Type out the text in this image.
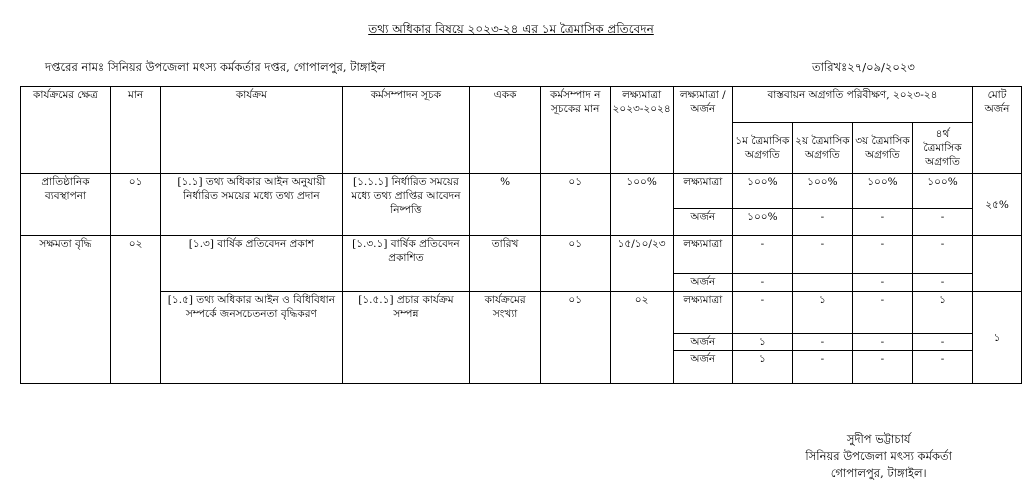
তথ্য অধিকার বিষয়ে ২০২৩-২৪ এর ১ম ত্রৈমাসিক প্রতিবেদন
দপ্তরের নামঃ সিনিয়র উপজেলা মৎস্য কর্মকর্তার দপ্তর, গোপালপুর, টাঙ্গাইল	তারিখঃ২৭/০৯/২০২৩
কার্যক্রমের ক্ষেত্র	মান	কার্যক্রম	কর্মসম্পাদন সূচক	একক	কর্মসম্পাদ ন সূচকের মান	লক্ষ্যমাত্রা ২০২৩-২০২৪	লক্ষ্যমাত্রা /অর্জন	বাস্তবায়ন অগ্রগতি পরিবীক্ষণ, ২০২৩-২৪				মোট অর্জন
								১ম ত্রৈমাসিক অগ্রগতি	২য় ত্রৈমাসিক অগ্রগতি	৩য় ত্রৈমাসিক অগ্রগতি	৪র্থ ত্রৈমাসিক অগ্রগতি	
প্রাতিষ্ঠানিক ব্যবস্থাপনা	০১	[১.১] তথ্য অধিকার আইন অনুযায়ী নির্ধারিত সময়ের মধ্যে তথ্য প্রদান	[১.১.১] নির্ধারিত সময়ের মধ্যে তথ্য প্রাপ্তির আবেদন নিষ্পত্তি	%	০১	১০০%	লক্ষ্যমাত্রা	১০০%	১০০%	১০০%	১০০%	২৫%
							অর্জন	১০০%	-	-	-	
সক্ষমতা বৃদ্ধি	০২	[১.৩] বার্ষিক প্রতিবেদন প্রকাশ	[১.৩.১] বার্ষিক প্রতিবেদন প্রকাশিত	তারিখ	০১	১৫/১০/২৩	লক্ষ্যমাত্রা	-	-	-	-	
							অর্জন	-		-	-	
		[১.৫] তথ্য অধিকার আইন ও বিধিবিধান সম্পর্কে জনসচেতনতা বৃদ্ধিকরণ	[১.৫.১] প্রচার কার্যক্রম সম্পন্ন	কার্যক্রমের সংখ্যা	০১	০২	লক্ষ্যমাত্রা	-	১	-	১	১
							অর্জন	১	-	-	-	
							অর্জন	১	-	-	-	
সুদীপ ভট্টাচার্য
সিনিয়র উপজেলা মৎস্য কর্মকর্তা
গোপালপুর, টাঙ্গাইল।
